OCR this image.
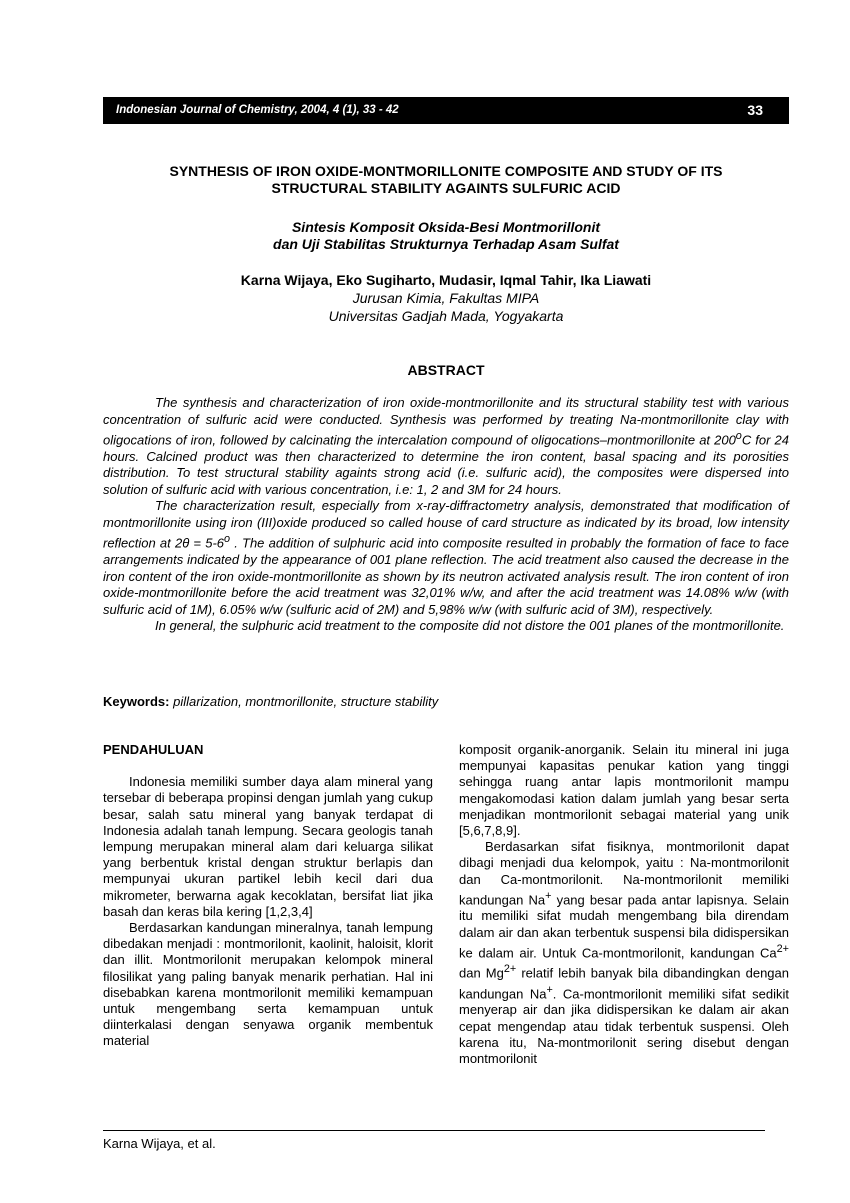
Indonesian Journal of Chemistry, 2004, 4 (1), 33 - 42	33
SYNTHESIS OF IRON OXIDE-MONTMORILLONITE COMPOSITE AND STUDY OF ITS
STRUCTURAL STABILITY AGAINTS SULFURIC ACID
Sintesis Komposit Oksida-Besi Montmorillonit
dan Uji Stabilitas Strukturnya Terhadap Asam Sulfat
Karna Wijaya, Eko Sugiharto, Mudasir, Iqmal Tahir, Ika Liawati
Jurusan Kimia, Fakultas MIPA
Universitas Gadjah Mada, Yogyakarta
ABSTRACT

The synthesis and characterization of iron oxide-montmorillonite and its structural stability test with various concentration of sulfuric acid were conducted. Synthesis was performed by treating Na-montmorillonite clay with oligocations of iron, followed by calcinating the intercalation compound of oligocations–montmorillonite at 200$^o$C for 24 hours. Calcined product was then characterized to determine the iron content, basal spacing and its porosities distribution. To test structural stability againts strong acid (i.e. sulfuric acid), the composites were dispersed into solution of sulfuric acid with various concentration, i.e: 1, 2 and 3M for 24 hours.

The characterization result, especially from x-ray-diffractometry analysis, demonstrated that modification of montmorillonite using iron (III)oxide produced so called house of card structure as indicated by its broad, low intensity reflection at $2\theta = 5-6^o$ . The addition of sulphuric acid into composite resulted in probably the formation of face to face arrangements indicated by the appearance of 001 plane reflection. The acid treatment also caused the decrease in the iron content of the iron oxide-montmorillonite as shown by its neutron activated analysis result. The iron content of iron oxide-montmorillonite before the acid treatment was 32,01% w/w, and after the acid treatment was 14.08% w/w (with sulfuric acid of 1M), 6.05% w/w (sulfuric acid of 2M) and 5,98% w/w (with sulfuric acid of 3M), respectively.

In general, the sulphuric acid treatment to the composite did not distore the 001 planes of the montmorillonite.

Keywords: pillarization, montmorillonite, structure stability
PENDAHULUAN

Indonesia memiliki sumber daya alam mineral yang tersebar di beberapa propinsi dengan jumlah yang cukup besar, salah satu mineral yang banyak terdapat di Indonesia adalah tanah lempung. Secara geologis tanah lempung merupakan mineral alam dari keluarga silikat yang berbentuk kristal dengan struktur berlapis dan mempunyai ukuran partikel lebih kecil dari dua mikrometer, berwarna agak kecoklatan, bersifat liat jika basah dan keras bila kering [1,2,3,4]

Berdasarkan kandungan mineralnya, tanah lempung dibedakan menjadi : montmorilonit, kaolinit, haloisit, klorit dan illit. Montmorilonit merupakan kelompok mineral filosilikat yang paling banyak menarik perhatian. Hal ini disebabkan karena montmorilonit memiliki kemampuan untuk mengembang serta kemampuan untuk diinterkalasi dengan senyawa organik membentuk material

komposit organik-anorganik. Selain itu mineral ini juga mempunyai kapasitas penukar kation yang tinggi sehingga ruang antar lapis montmorilonit mampu mengakomodasi kation dalam jumlah yang besar serta menjadikan montmorilonit sebagai material yang unik [5,6,7,8,9].

Berdasarkan sifat fisiknya, montmorilonit dapat dibagi menjadi dua kelompok, yaitu : Na-montmorilonit dan Ca-montmorilonit. Na-montmorilonit memiliki kandungan Na+ yang besar pada antar lapisnya. Selain itu memiliki sifat mudah mengembang bila direndam dalam air dan akan terbentuk suspensi bila didispersikan ke dalam air. Untuk Ca-montmorilonit, kandungan $Ca^{2+}$ dan $Mg^{2+}$ relatif lebih banyak bila dibandingkan dengan kandungan Na+. Ca-montmorilonit memiliki sifat sedikit menyerap air dan jika didispersikan ke dalam air akan cepat mengendap atau tidak terbentuk suspensi. Oleh karena itu, Na-montmorilonit sering disebut dengan montmorilonit

Karna Wijaya, et al.
